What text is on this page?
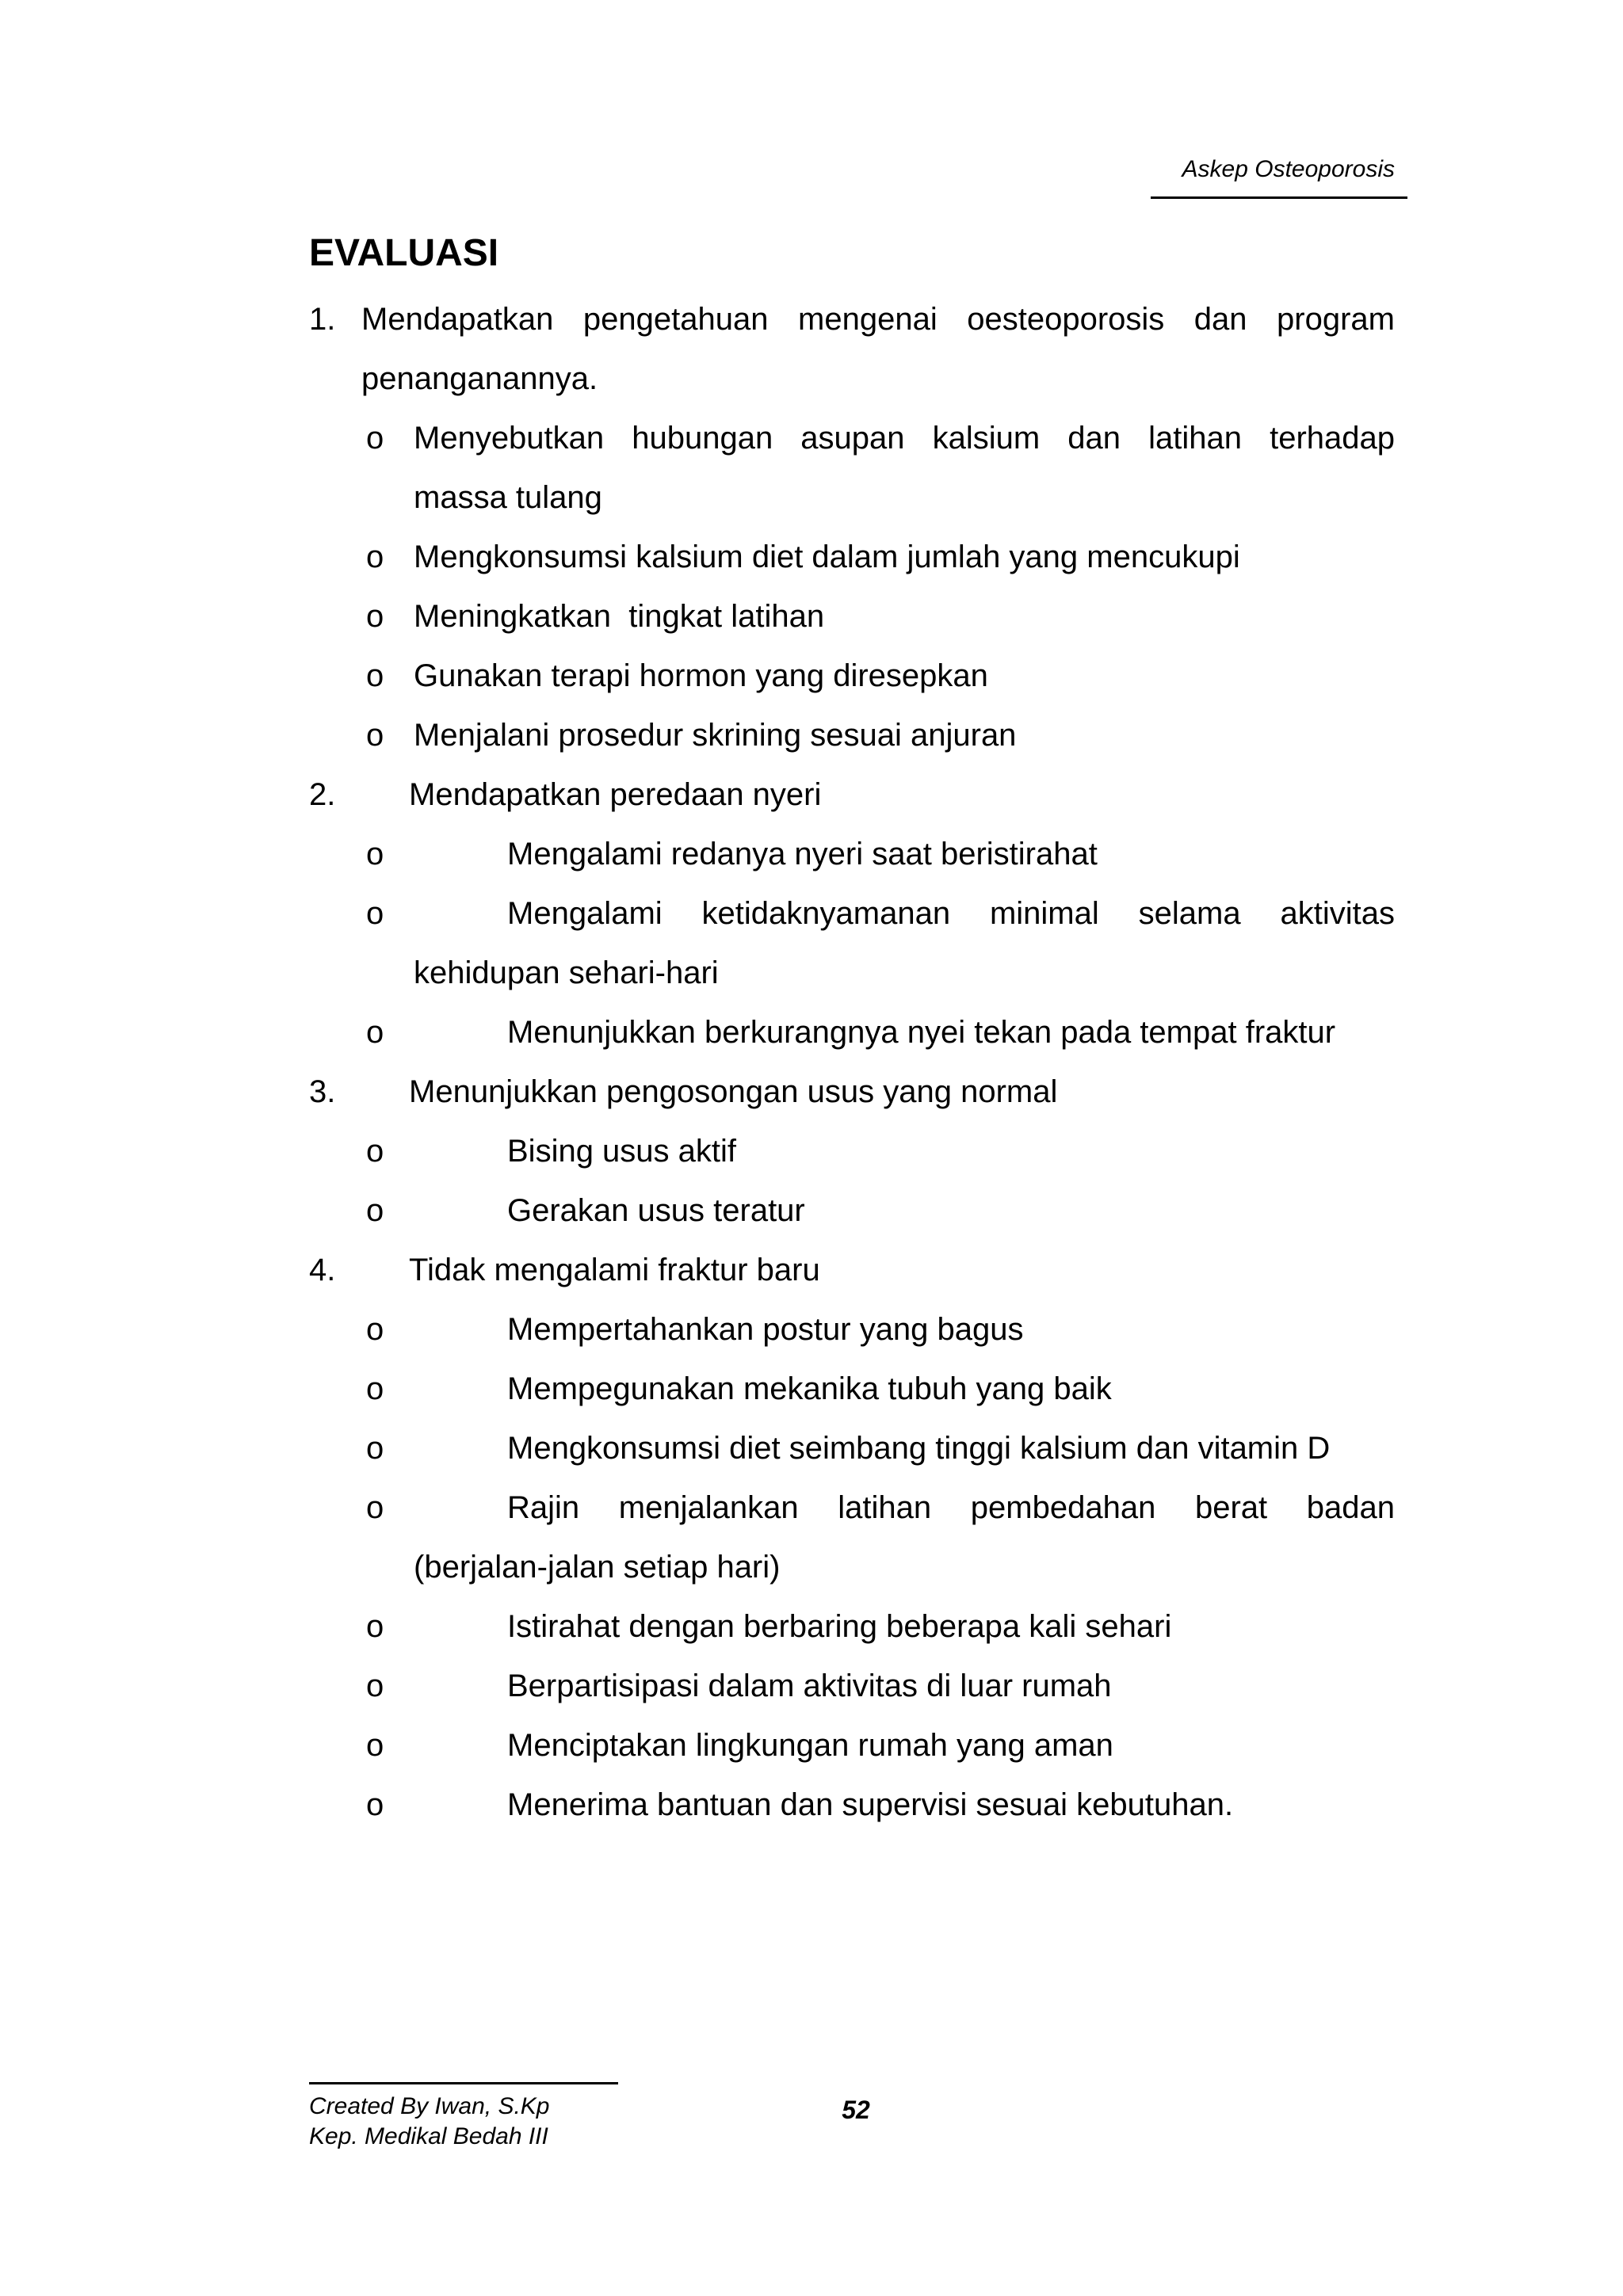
Askep Osteoporosis
EVALUASI
1. Mendapatkan pengetahuan mengenai oesteoporosis dan program
penanganannya.
o Menyebutkan hubungan asupan kalsium dan latihan terhadap
massa tulang
o Mengkonsumsi kalsium diet dalam jumlah yang mencukupi
o Meningkatkan  tingkat latihan
o Gunakan terapi hormon yang diresepkan
o Menjalani prosedur skrining sesuai anjuran
2. Mendapatkan peredaan nyeri
o	Mengalami redanya nyeri saat beristirahat
o	Mengalami ketidaknyamanan minimal selama aktivitas
kehidupan sehari-hari
o	Menunjukkan berkurangnya nyei tekan pada tempat fraktur
3. Menunjukkan pengosongan usus yang normal
o	Bising usus aktif
o	Gerakan usus teratur
4. Tidak mengalami fraktur baru
o	Mempertahankan postur yang bagus
o	Mempegunakan mekanika tubuh yang baik
o	Mengkonsumsi diet seimbang tinggi kalsium dan vitamin D
o	Rajin menjalankan latihan pembedahan berat badan
(berjalan-jalan setiap hari)
o	Istirahat dengan berbaring beberapa kali sehari
o	Berpartisipasi dalam aktivitas di luar rumah
o	Menciptakan lingkungan rumah yang aman
o	Menerima bantuan dan supervisi sesuai kebutuhan.
Created By Iwan, S.Kp
Kep. Medikal Bedah III
52
